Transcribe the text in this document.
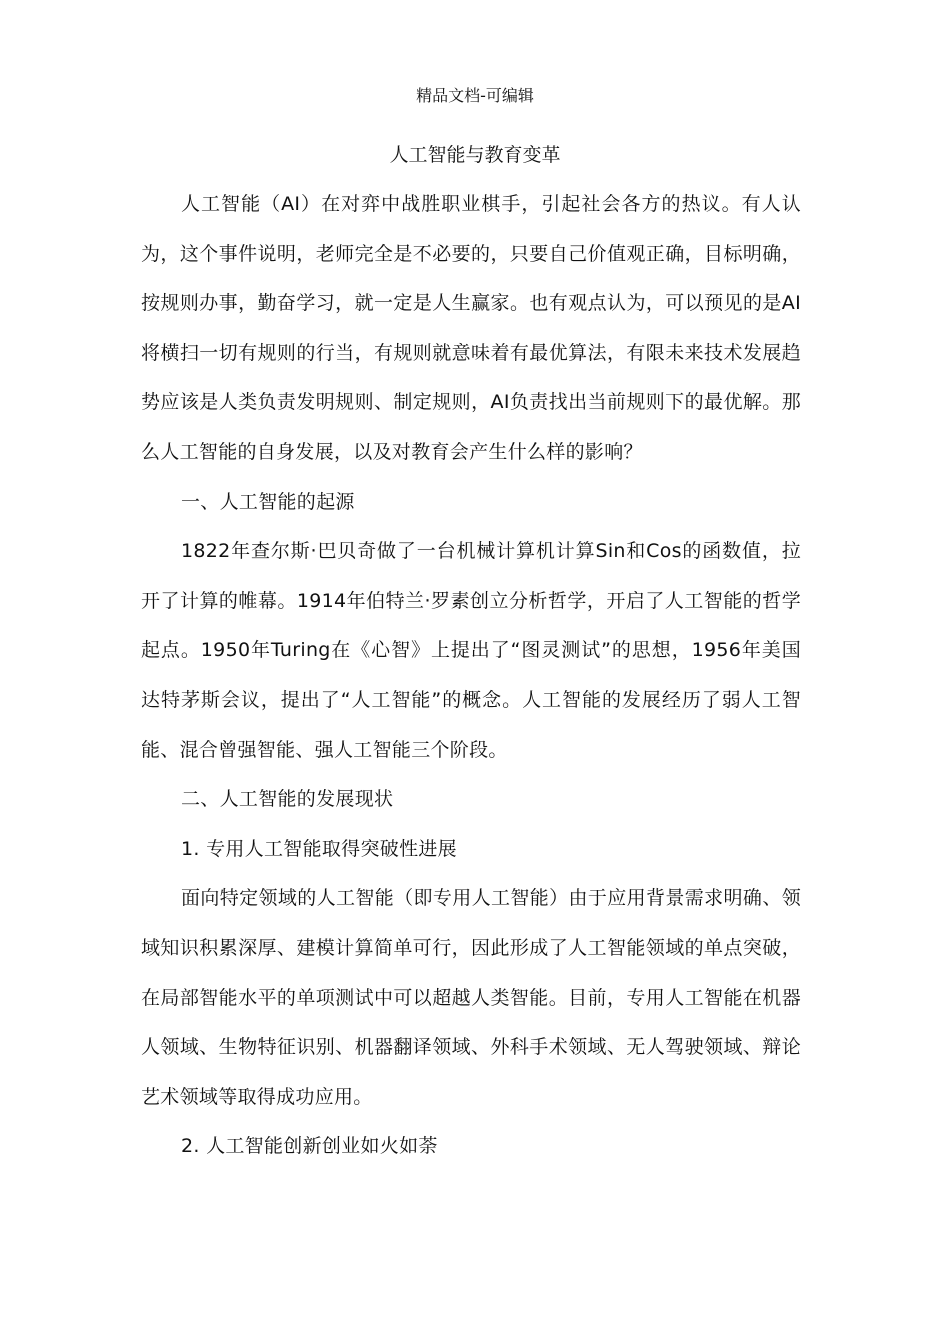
精品文档-可编辑
人工智能与教育变革

人工智能（AI）在对弈中战胜职业棋手，引起社会各方的热议。有人认为，这个事件说明，老师完全是不必要的，只要自己价值观正确，目标明确，按规则办事，勤奋学习，就一定是人生赢家。也有观点认为，可以预见的是AI将横扫一切有规则的行当，有规则就意味着有最优算法，有限未来技术发展趋势应该是人类负责发明规则、制定规则，AI负责找出当前规则下的最优解。那么人工智能的自身发展，以及对教育会产生什么样的影响？

一、人工智能的起源

1822年查尔斯·巴贝奇做了一台机械计算机计算Sin和Cos的函数值，拉开了计算的帷幕。1914年伯特兰·罗素创立分析哲学，开启了人工智能的哲学起点。1950年Turing在《心智》上提出了“图灵测试”的思想，1956年美国达特茅斯会议，提出了“人工智能”的概念。人工智能的发展经历了弱人工智能、混合曾强智能、强人工智能三个阶段。

二、人工智能的发展现状

1. 专用人工智能取得突破性进展

面向特定领域的人工智能（即专用人工智能）由于应用背景需求明确、领域知识积累深厚、建模计算简单可行，因此形成了人工智能领域的单点突破，在局部智能水平的单项测试中可以超越人类智能。目前，专用人工智能在机器人领域、生物特征识别、机器翻译领域、外科手术领域、无人驾驶领域、辩论艺术领域等取得成功应用。

2. 人工智能创新创业如火如荼
